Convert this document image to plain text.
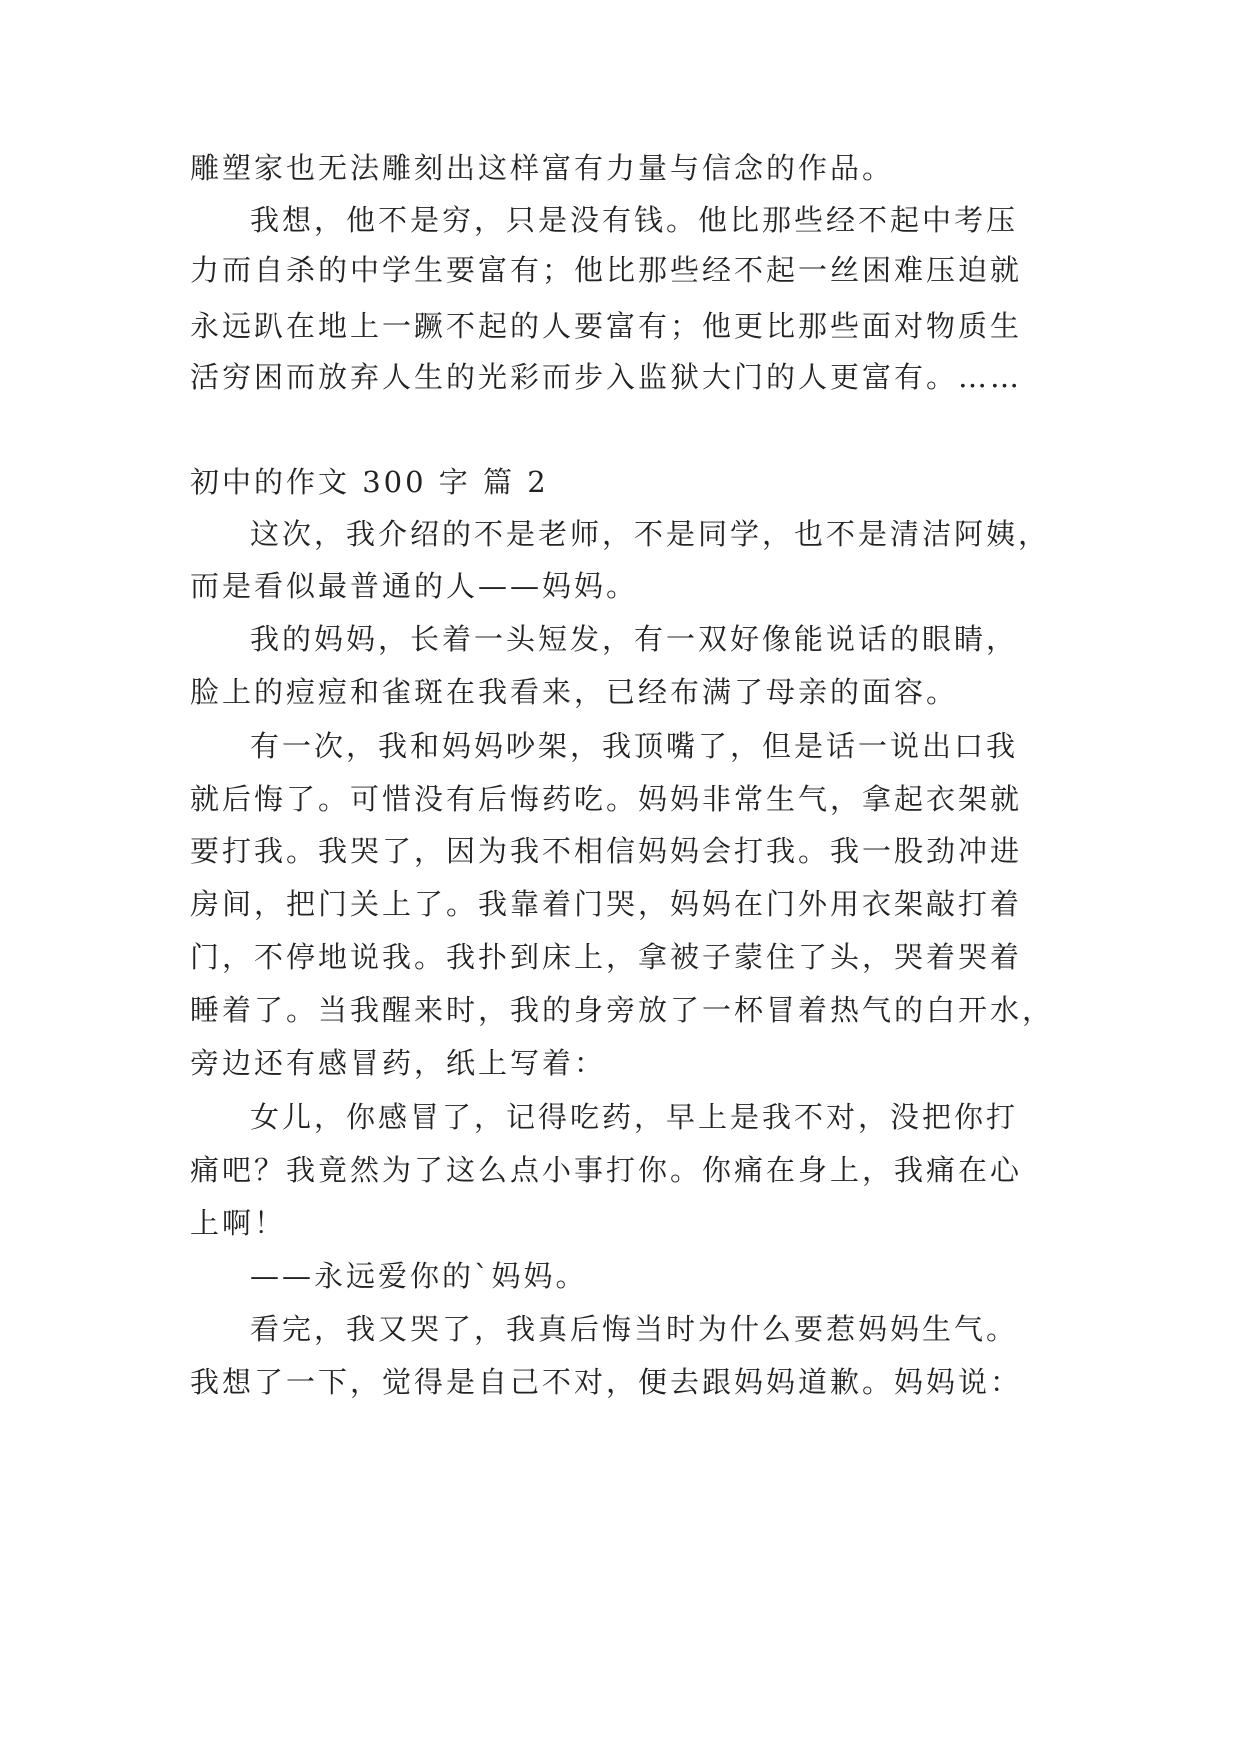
雕塑家也无法雕刻出这样富有力量与信念的作品。
我想，他不是穷，只是没有钱。他比那些经不起中考压
力而自杀的中学生要富有；他比那些经不起一丝困难压迫就
永远趴在地上一蹶不起的人要富有；他更比那些面对物质生
活穷困而放弃人生的光彩而步入监狱大门的人更富有。……
初中的作文 300 字 篇 2
这次，我介绍的不是老师，不是同学，也不是清洁阿姨，
而是看似最普通的人——妈妈。
我的妈妈，长着一头短发，有一双好像能说话的眼睛，
脸上的痘痘和雀斑在我看来，已经布满了母亲的面容。
有一次，我和妈妈吵架，我顶嘴了，但是话一说出口我
就后悔了。可惜没有后悔药吃。妈妈非常生气，拿起衣架就
要打我。我哭了，因为我不相信妈妈会打我。我一股劲冲进
房间，把门关上了。我靠着门哭，妈妈在门外用衣架敲打着
门，不停地说我。我扑到床上，拿被子蒙住了头，哭着哭着
睡着了。当我醒来时，我的身旁放了一杯冒着热气的白开水，
旁边还有感冒药，纸上写着：
女儿，你感冒了，记得吃药，早上是我不对，没把你打
痛吧？我竟然为了这么点小事打你。你痛在身上，我痛在心
上啊！
——永远爱你的`妈妈。
看完，我又哭了，我真后悔当时为什么要惹妈妈生气。
我想了一下，觉得是自己不对，便去跟妈妈道歉。妈妈说：
